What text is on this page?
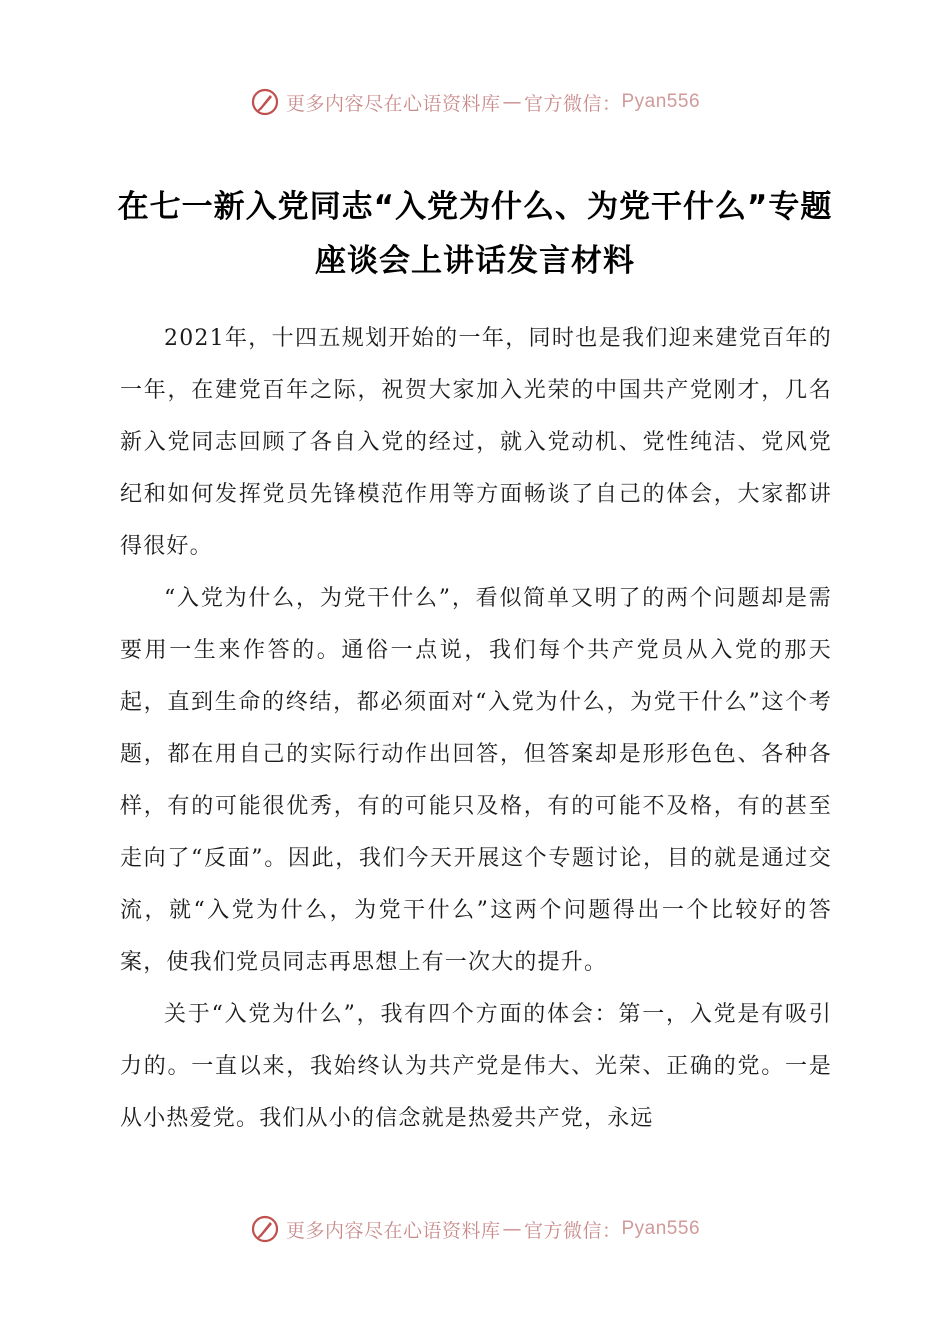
更多内容尽在心语资料库 — 官方微信： Pyan556
在七一新入党同志“入党为什么、为党干什么”专题座谈会上讲话发言材料

2021年，十四五规划开始的一年，同时也是我们迎来建党百年的一年，在建党百年之际，祝贺大家加入光荣的中国共产党刚才，几名新入党同志回顾了各自入党的经过，就入党动机、党性纯洁、党风党纪和如何发挥党员先锋模范作用等方面畅谈了自己的体会，大家都讲得很好。

“入党为什么，为党干什么”，看似简单又明了的两个问题却是需要用一生来作答的。通俗一点说，我们每个共产党员从入党的那天起，直到生命的终结，都必须面对“入党为什么，为党干什么”这个考题，都在用自己的实际行动作出回答，但答案却是形形色色、各种各样，有的可能很优秀，有的可能只及格，有的可能不及格，有的甚至走向了“反面”。因此，我们今天开展这个专题讨论，目的就是通过交流，就“入党为什么，为党干什么”这两个问题得出一个比较好的答案，使我们党员同志再思想上有一次大的提升。

关于“入党为什么”，我有四个方面的体会：第一，入党是有吸引力的。一直以来，我始终认为共产党是伟大、光荣、正确的党。一是从小热爱党。我们从小的信念就是热爱共产党，永远

更多内容尽在心语资料库 — 官方微信： Pyan556
